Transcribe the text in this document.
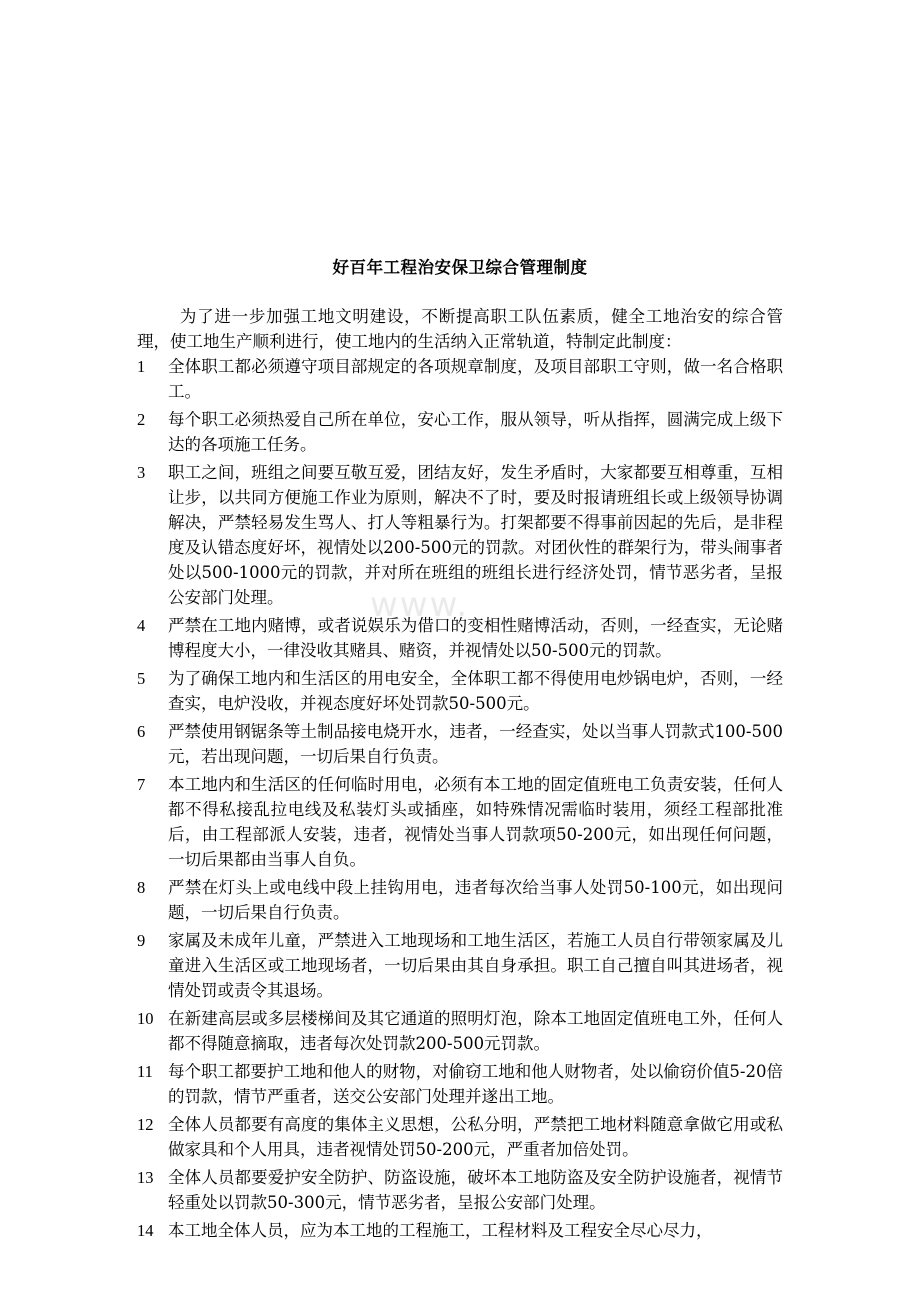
www.
好百年工程治安保卫综合管理制度
为了进一步加强工地文明建设，不断提高职工队伍素质，健全工地治安的综合管理，使工地生产顺利进行，使工地内的生活纳入正常轨道，特制定此制度：
1	全体职工都必须遵守项目部规定的各项规章制度，及项目部职工守则，做一名合格职工。
2	每个职工必须热爱自己所在单位，安心工作，服从领导，听从指挥，圆满完成上级下达的各项施工任务。
3	职工之间，班组之间要互敬互爱，团结友好，发生矛盾时，大家都要互相尊重，互相让步，以共同方便施工作业为原则，解决不了时，要及时报请班组长或上级领导协调解决，严禁轻易发生骂人、打人等粗暴行为。打架都要不得事前因起的先后，是非程度及认错态度好坏，视情处以200-500元的罚款。对团伙性的群架行为，带头闹事者处以500-1000元的罚款，并对所在班组的班组长进行经济处罚，情节恶劣者，呈报公安部门处理。
4	严禁在工地内赌博，或者说娱乐为借口的变相性赌博活动，否则，一经查实，无论赌博程度大小，一律没收其赌具、赌资，并视情处以50-500元的罚款。
5	为了确保工地内和生活区的用电安全，全体职工都不得使用电炒锅电炉，否则，一经查实，电炉没收，并视态度好坏处罚款50-500元。
6	严禁使用钢锯条等土制品接电烧开水，违者，一经查实，处以当事人罚款式100-500元，若出现问题，一切后果自行负责。
7	本工地内和生活区的任何临时用电，必须有本工地的固定值班电工负责安装，任何人都不得私接乱拉电线及私装灯头或插座，如特殊情况需临时装用，须经工程部批准后，由工程部派人安装，违者，视情处当事人罚款项50-200元，如出现任何问题，一切后果都由当事人自负。
8	严禁在灯头上或电线中段上挂钩用电，违者每次给当事人处罚50-100元，如出现问题，一切后果自行负责。
9	家属及未成年儿童，严禁进入工地现场和工地生活区，若施工人员自行带领家属及儿童进入生活区或工地现场者，一切后果由其自身承担。职工自己擅自叫其进场者，视情处罚或责令其退场。
10 在新建高层或多层楼梯间及其它通道的照明灯泡，除本工地固定值班电工外，任何人都不得随意摘取，违者每次处罚款200-500元罚款。
11 每个职工都要护工地和他人的财物，对偷窃工地和他人财物者，处以偷窃价值5-20倍的罚款，情节严重者，送交公安部门处理并遂出工地。
12 全体人员都要有高度的集体主义思想，公私分明，严禁把工地材料随意拿做它用或私做家具和个人用具，违者视情处罚50-200元，严重者加倍处罚。
13 全体人员都要爱护安全防护、防盗设施，破坏本工地防盗及安全防护设施者，视情节轻重处以罚款50-300元，情节恶劣者，呈报公安部门处理。
14 本工地全体人员，应为本工地的工程施工，工程材料及工程安全尽心尽力，
